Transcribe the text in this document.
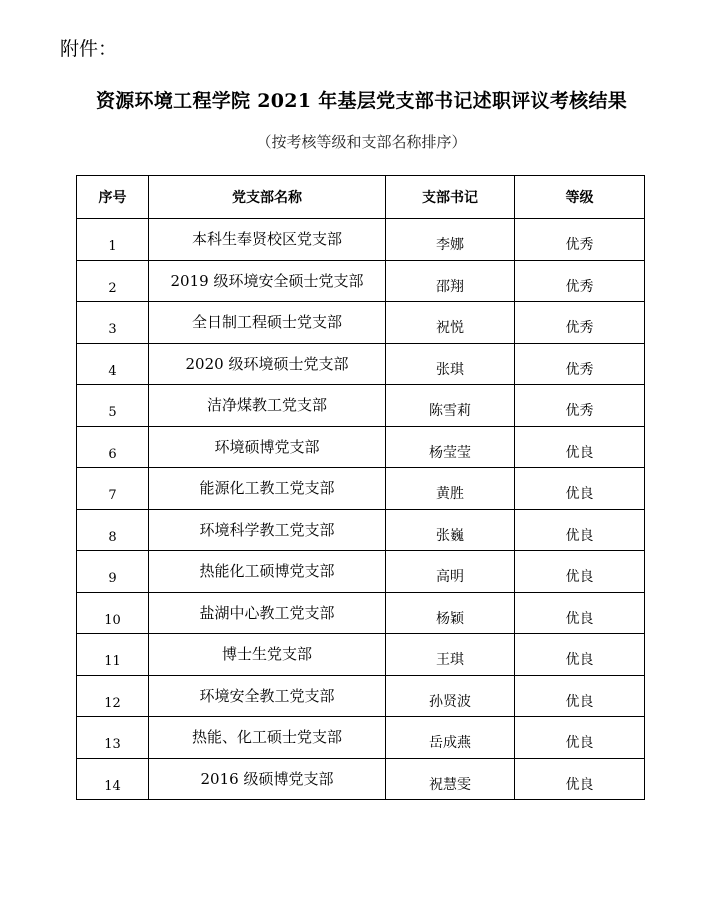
附件：
资源环境工程学院 2021 年基层党支部书记述职评议考核结果
（按考核等级和支部名称排序）
序号	党支部名称	支部书记	等级

1	本科生奉贤校区党支部	李娜	优秀

2	2019 级环境安全硕士党支部	邵翔	优秀

3	全日制工程硕士党支部	祝悦	优秀

4	2020 级环境硕士党支部	张琪	优秀

5	洁净煤教工党支部	陈雪莉	优秀

6	环境硕博党支部	杨莹莹	优良

7	能源化工教工党支部	黄胜	优良

8	环境科学教工党支部	张巍	优良

9	热能化工硕博党支部	高明	优良

10	盐湖中心教工党支部	杨颖	优良

11	博士生党支部	王琪	优良

12	环境安全教工党支部	孙贤波	优良

13	热能、化工硕士党支部	岳成燕	优良

14	2016 级硕博党支部	祝慧雯	优良
